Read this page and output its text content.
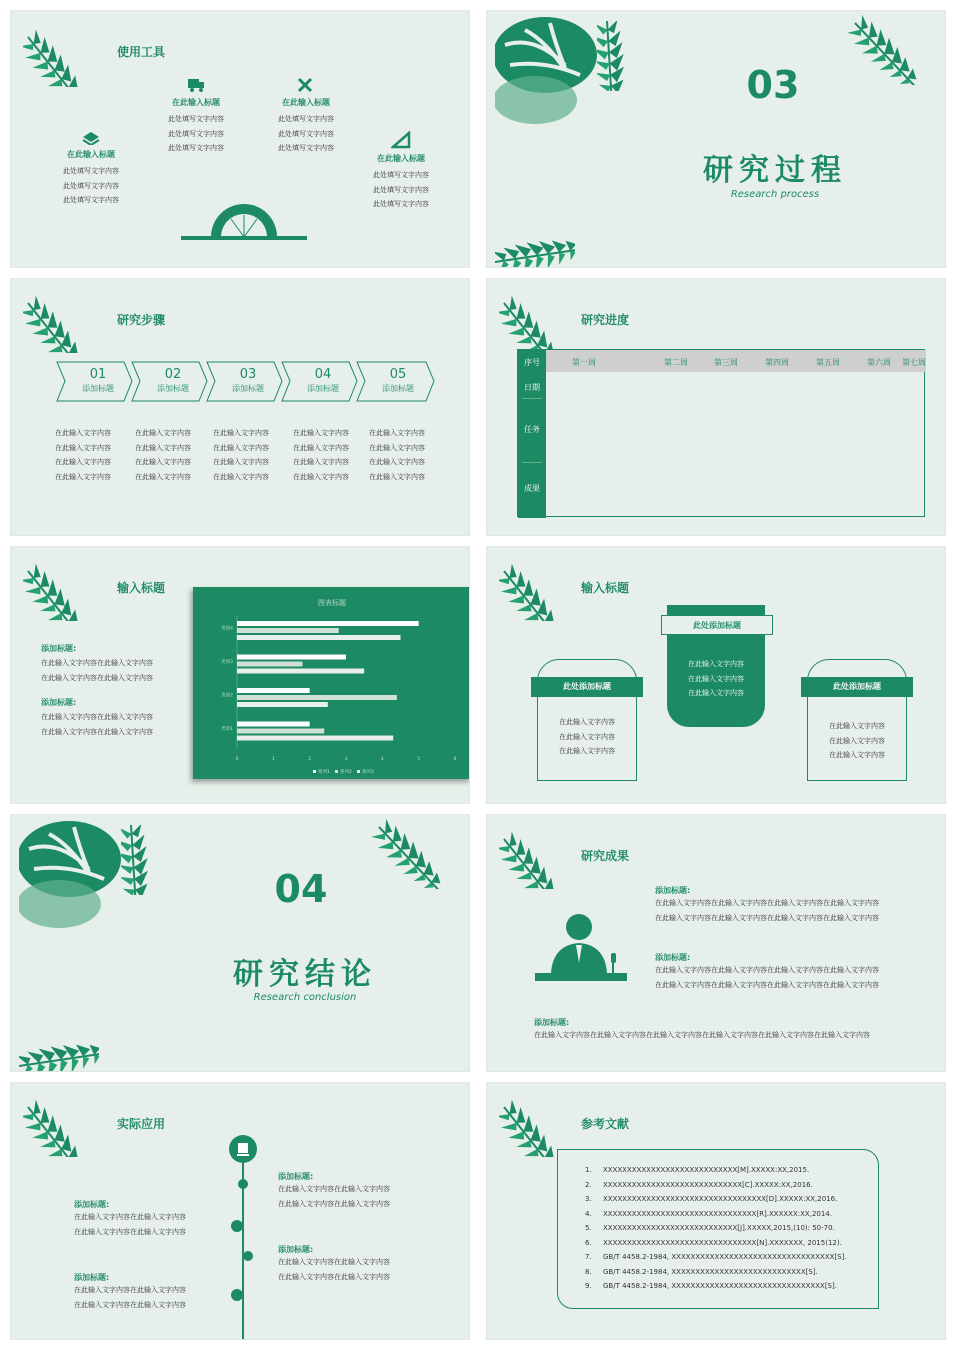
使用工具
在此输入标题
此处填写文字内容
此处填写文字内容
此处填写文字内容
在此输入标题
此处填写文字内容
此处填写文字内容
此处填写文字内容
在此输入标题
此处填写文字内容
此处填写文字内容
此处填写文字内容
在此输入标题
此处填写文字内容
此处填写文字内容
此处填写文字内容
03
研究过程
Research process
研究步骤
01
添加标题
02
添加标题
03
添加标题
04
添加标题
05
添加标题
在此输入文字内容
在此输入文字内容
在此输入文字内容
在此输入文字内容
在此输入文字内容
在此输入文字内容
在此输入文字内容
在此输入文字内容
在此输入文字内容
在此输入文字内容
在此输入文字内容
在此输入文字内容
在此输入文字内容
在此输入文字内容
在此输入文字内容
在此输入文字内容
在此输入文字内容
在此输入文字内容
在此输入文字内容
在此输入文字内容
研究进度
序号	第一周	第二周	第三周	第四周	第五周	第六周	第七周
日期
任务
成果
输入标题
添加标题:
在此输入文字内容在此输入文字内容
在此输入文字内容在此输入文字内容
添加标题:
在此输入文字内容在此输入文字内容
在此输入文字内容在此输入文字内容
图表标题
0	1	2	3	4	5	6
类别4
类别3
类别2
类别1
系列1 系列2 系列3
输入标题
此处添加标题
在此输入文字内容
在此输入文字内容
在此输入文字内容
此处添加标题
在此输入文字内容
在此输入文字内容
在此输入文字内容
此处添加标题
在此输入文字内容
在此输入文字内容
在此输入文字内容
04
研究结论
Research conclusion
研究成果
添加标题:
在此输入文字内容在此输入文字内容在此输入文字内容在此输入文字内容
在此输入文字内容在此输入文字内容在此输入文字内容在此输入文字内容
添加标题:
在此输入文字内容在此输入文字内容在此输入文字内容在此输入文字内容
在此输入文字内容在此输入文字内容在此输入文字内容在此输入文字内容
添加标题:
在此输入文字内容在此输入文字内容在此输入文字内容在此输入文字内容在此输入文字内容在此输入文字内容
实际应用
添加标题:
在此输入文字内容在此输入文字内容
在此输入文字内容在此输入文字内容
添加标题:
在此输入文字内容在此输入文字内容
在此输入文字内容在此输入文字内容
添加标题:
在此输入文字内容在此输入文字内容
在此输入文字内容在此输入文字内容
添加标题:
在此输入文字内容在此输入文字内容
在此输入文字内容在此输入文字内容
参考文献
1. XXXXXXXXXXXXXXXXXXXXXXXXXXXX[M].XXXXX:XX,2015.
2. XXXXXXXXXXXXXXXXXXXXXXXXXXXXX[C].XXXXX:XX,2016.
3. XXXXXXXXXXXXXXXXXXXXXXXXXXXXXXXXXX[D].XXXXX:XX,2016.
4. XXXXXXXXXXXXXXXXXXXXXXXXXXXXXXXX[R].XXXXXX:XX,2014.
5. XXXXXXXXXXXXXXXXXXXXXXXXXXXX[J].XXXXX,2015,(10): 50-70.
6. XXXXXXXXXXXXXXXXXXXXXXXXXXXXXXXX[N].XXXXXXX, 2015(12).
7. GB/T 4458.2-1984, XXXXXXXXXXXXXXXXXXXXXXXXXXXXXXXXXX[S].
8. GB/T 4458.2-1984, XXXXXXXXXXXXXXXXXXXXXXXXXXXX[S].
9. GB/T 4458.2-1984, XXXXXXXXXXXXXXXXXXXXXXXXXXXXXXXX[S].
